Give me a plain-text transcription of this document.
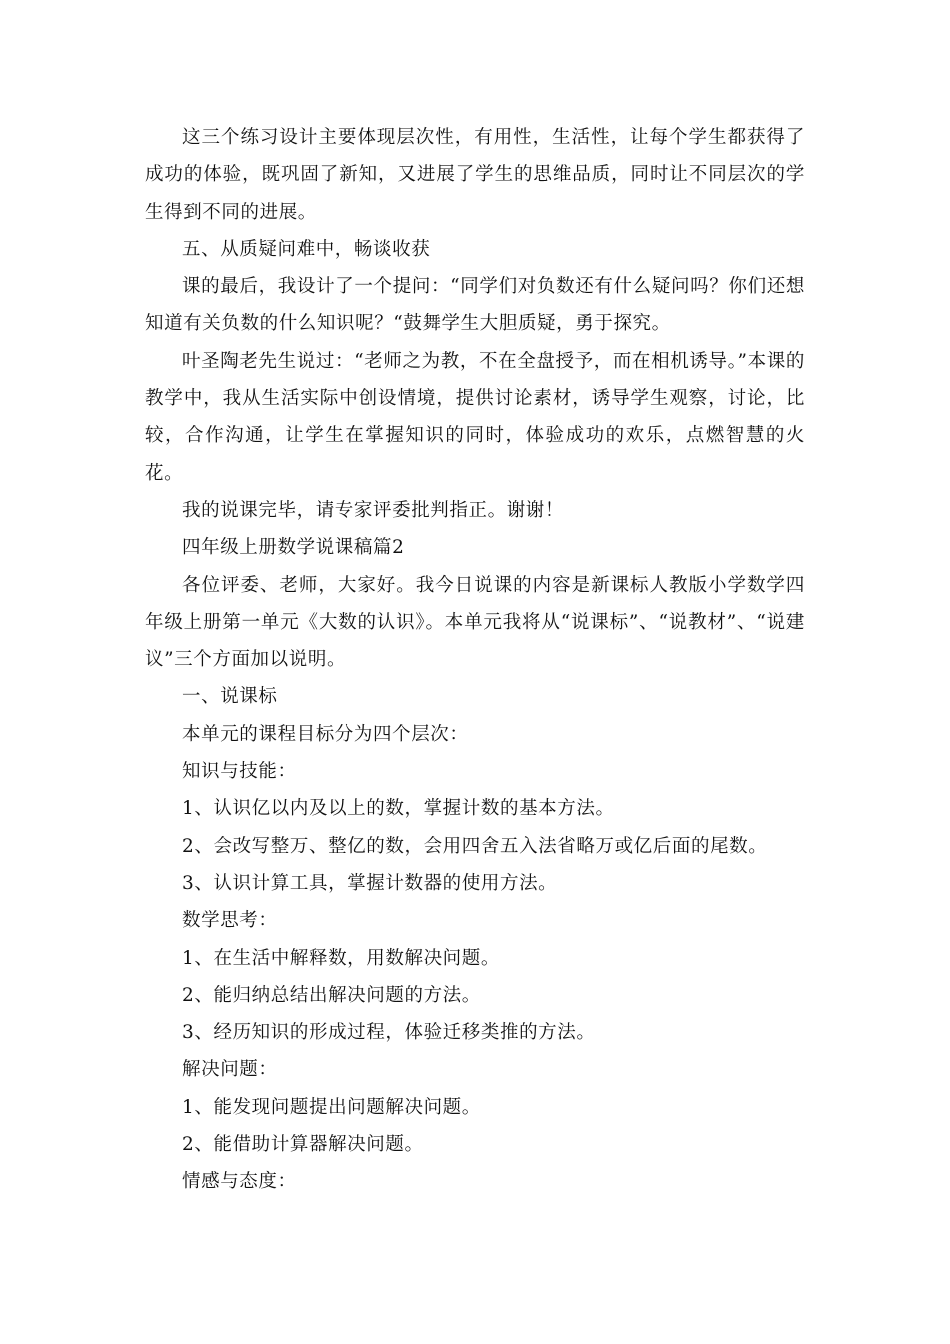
这三个练习设计主要体现层次性，有用性，生活性，让每个学生都获得了成功的体验，既巩固了新知，又进展了学生的思维品质，同时让不同层次的学生得到不同的进展。

五、从质疑问难中，畅谈收获

课的最后，我设计了一个提问：“同学们对负数还有什么疑问吗？你们还想知道有关负数的什么知识呢？“鼓舞学生大胆质疑，勇于探究。

叶圣陶老先生说过：“老师之为教，不在全盘授予，而在相机诱导。”本课的教学中，我从生活实际中创设情境，提供讨论素材，诱导学生观察，讨论，比较，合作沟通，让学生在掌握知识的同时，体验成功的欢乐，点燃智慧的火花。

我的说课完毕，请专家评委批判指正。谢谢！

四年级上册数学说课稿篇2

各位评委、老师，大家好。我今日说课的内容是新课标人教版小学数学四年级上册第一单元《大数的认识》。本单元我将从“说课标”、“说教材”、“说建议”三个方面加以说明。

一、说课标

本单元的课程目标分为四个层次：

知识与技能：

1、认识亿以内及以上的数，掌握计数的基本方法。

2、会改写整万、整亿的数，会用四舍五入法省略万或亿后面的尾数。

3、认识计算工具，掌握计数器的使用方法。

数学思考：

1、在生活中解释数，用数解决问题。

2、能归纳总结出解决问题的方法。

3、经历知识的形成过程，体验迁移类推的方法。

解决问题：

1、能发现问题提出问题解决问题。

2、能借助计算器解决问题。

情感与态度：
